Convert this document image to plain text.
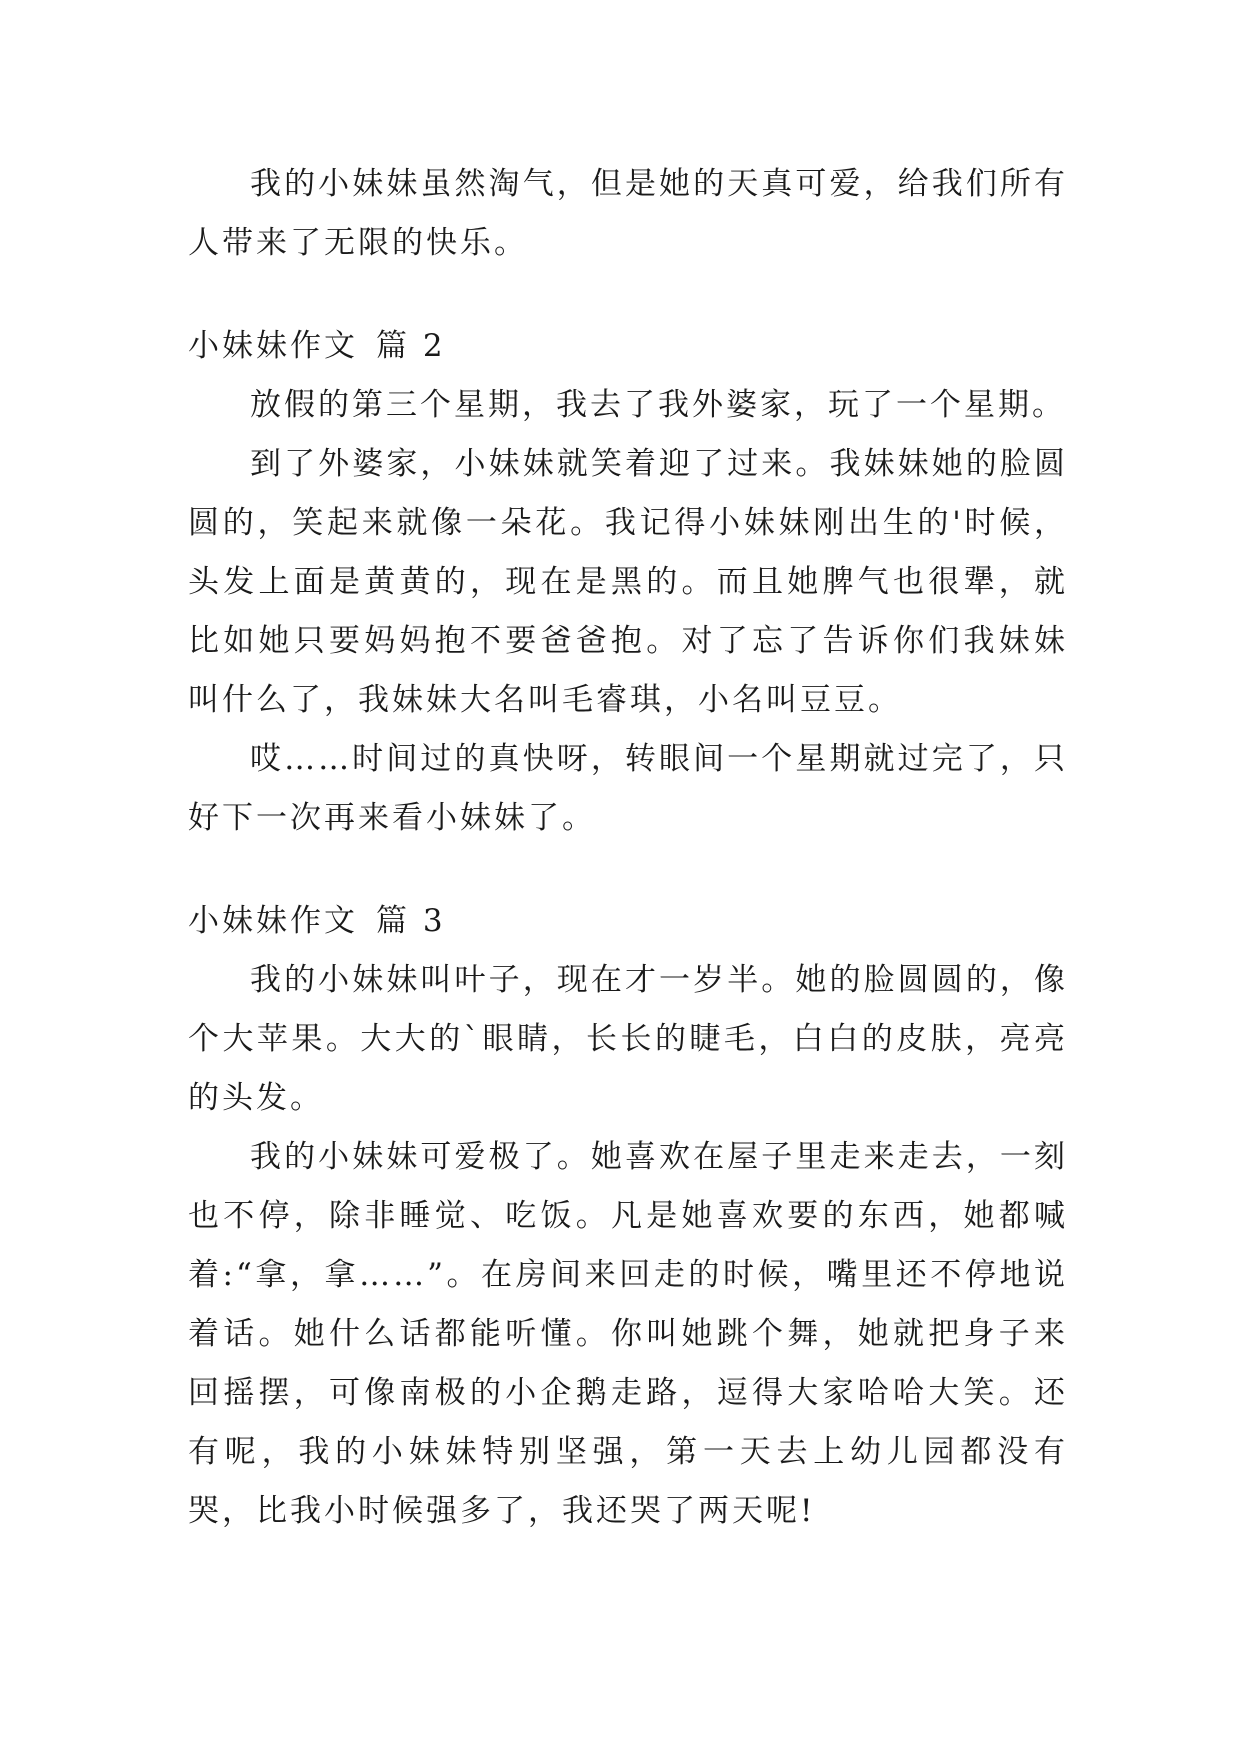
我的小妹妹虽然淘气，但是她的天真可爱，给我们所有人带来了无限的快乐。

小妹妹作文 篇 2

放假的第三个星期，我去了我外婆家，玩了一个星期。

到了外婆家，小妹妹就笑着迎了过来。我妹妹她的脸圆圆的，笑起来就像一朵花。我记得小妹妹刚出生的'时候，头发上面是黄黄的，现在是黑的。而且她脾气也很犟，就比如她只要妈妈抱不要爸爸抱。对了忘了告诉你们我妹妹叫什么了，我妹妹大名叫毛睿琪，小名叫豆豆。

哎……时间过的真快呀，转眼间一个星期就过完了，只好下一次再来看小妹妹了。

小妹妹作文 篇 3

我的小妹妹叫叶子，现在才一岁半。她的脸圆圆的，像个大苹果。大大的`眼睛，长长的睫毛，白白的皮肤，亮亮的头发。

我的小妹妹可爱极了。她喜欢在屋子里走来走去，一刻也不停，除非睡觉、吃饭。凡是她喜欢要的东西，她都喊着:“拿，拿……”。在房间来回走的时候，嘴里还不停地说着话。她什么话都能听懂。你叫她跳个舞，她就把身子来回摇摆，可像南极的小企鹅走路，逗得大家哈哈大笑。还有呢，我的小妹妹特别坚强，第一天去上幼儿园都没有哭，比我小时候强多了，我还哭了两天呢!
